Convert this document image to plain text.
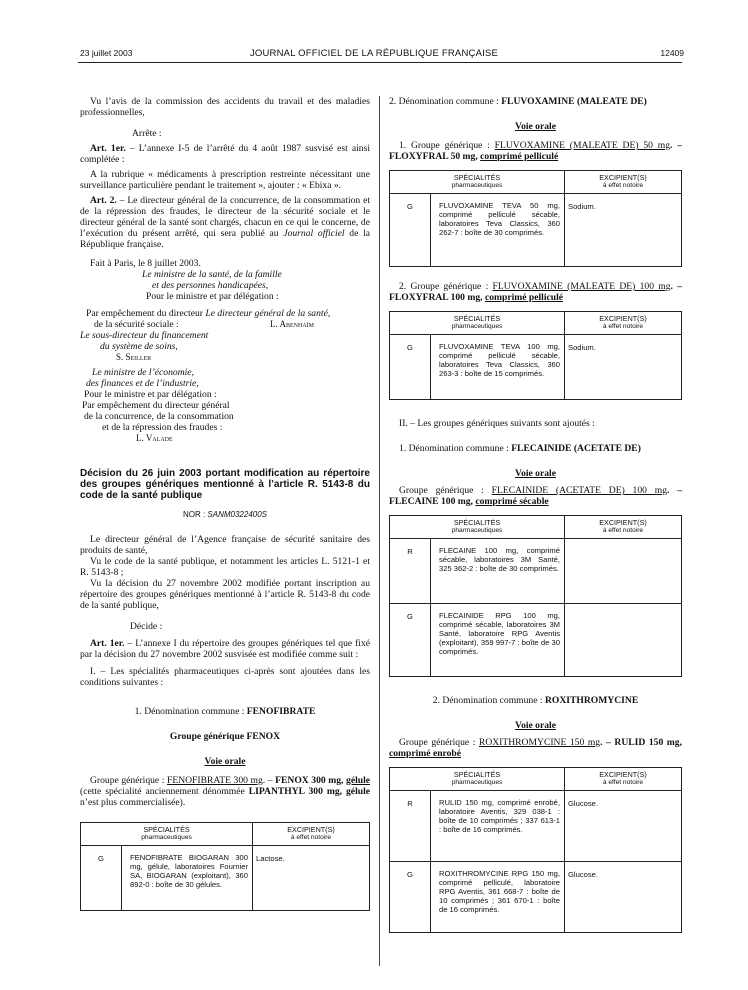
23 juillet 2003	JOURNAL OFFICIEL DE LA RÉPUBLIQUE FRANÇAISE	12409

Vu l’avis de la commission des accidents du travail et des maladies professionnelles,

Arrête :

Art. 1er. – L’annexe I-5 de l’arrêté du 4 août 1987 susvisé est ainsi complétée :

A la rubrique « médicaments à prescription restreinte nécessitant une surveillance particulière pendant le traitement », ajouter : « Ebixa ».

Art. 2. – Le directeur général de la concurrence, de la consommation et de la répression des fraudes, le directeur de la sécurité sociale et le directeur général de la santé sont chargés, chacun en ce qui le concerne, de l’exécution du présent arrêté, qui sera publié au Journal officiel de la République française.

Fait à Paris, le 8 juillet 2003.

Le ministre de la santé, de la famille

et des personnes handicapées,

Pour le ministre et par délégation :

Par empêchement du directeur Le directeur général de la santé,

de la sécurité sociale :	L. Abenhaïm

Le sous-directeur du financement

du système de soins,

S. Seiller

Le ministre de l’économie,

des finances et de l’industrie,

Pour le ministre et par délégation :

Par empêchement du directeur général

de la concurrence, de la consommation

et de la répression des fraudes :

L. Valade

Décision du 26 juin 2003 portant modification au répertoire des groupes génériques mentionné à l’article R. 5143-8 du code de la santé publique

NOR : SANM0322400S

Le directeur général de l’Agence française de sécurité sanitaire des produits de santé,

Vu le code de la santé publique, et notamment les articles L. 5121-1 et R. 5143-8 ;

Vu la décision du 27 novembre 2002 modifiée portant inscription au répertoire des groupes génériques mentionné à l’article R. 5143-8 du code de la santé publique,

Décide :

Art. 1er. – L’annexe I du répertoire des groupes génériques tel que fixé par la décision du 27 novembre 2002 susvisée est modifiée comme suit :

I. – Les spécialités pharmaceutiques ci-après sont ajoutées dans les conditions suivantes :

1. Dénomination commune : FENOFIBRATE

Groupe générique FENOX

Voie orale

Groupe générique : FENOFIBRATE 300 mg. – FENOX 300 mg, gélule (cette spécialité anciennement dénommée LIPANTHYL 300 mg, gélule n’est plus commercialisée).

SPÉCIALITÉS
pharmaceutiques		EXCIPIENT(S)
à effet notoire

G	FENOFIBRATE BIOGARAN 300 mg, gélule, laboratoires Fournier SA, BIOGARAN (exploitant), 360 892-0 : boîte de 30 gélules.	Lactose.

2. Dénomination commune : FLUVOXAMINE (MALEATE DE)

Voie orale

1. Groupe générique : FLUVOXAMINE (MALEATE DE) 50 mg. – FLOXYFRAL 50 mg, comprimé pelliculé

SPÉCIALITÉS
pharmaceutiques		EXCIPIENT(S)
à effet notoire

G	FLUVOXAMINE TEVA 50 mg, comprimé pelliculé sécable, laboratoires Teva Classics, 360 262-7 : boîte de 30 comprimés.	Sodium.

2. Groupe générique : FLUVOXAMINE (MALEATE DE) 100 mg. – FLOXYFRAL 100 mg, comprimé pelliculé

SPÉCIALITÉS
pharmaceutiques		EXCIPIENT(S)
à effet notoire

G	FLUVOXAMINE TEVA 100 mg, comprimé pelliculé sécable, laboratoires Teva Classics, 360 263-3 : boîte de 15 comprimés.	Sodium.

II. – Les groupes génériques suivants sont ajoutés :

1. Dénomination commune : FLECAINIDE (ACETATE DE)

Voie orale

Groupe générique : FLECAINIDE (ACETATE DE) 100 mg. – FLECAINE 100 mg, comprimé sécable

SPÉCIALITÉS
pharmaceutiques		EXCIPIENT(S)
à effet notoire

R	FLECAINE 100 mg, comprimé sécable, laboratoires 3M Santé, 325 362-2 : boîte de 30 comprimés.	
G	FLECAINIDE RPG 100 mg, comprimé sécable, laboratoires 3M Santé, laboratoire RPG Aventis (exploitant), 359 997-7 : boîte de 30 comprimés.	

2. Dénomination commune : ROXITHROMYCINE

Voie orale

Groupe générique : ROXITHROMYCINE 150 mg. – RULID 150 mg, comprimé enrobé

SPÉCIALITÉS
pharmaceutiques		EXCIPIENT(S)
à effet notoire

R	RULID 150 mg, comprimé enrobé, laboratoire Aventis, 329 038-1 : boîte de 10 comprimés ; 337 613-1 : boîte de 16 comprimés.	Glucose.
G	ROXITHROMYCINE RPG 150 mg, comprimé pelliculé, laboratoire RPG Aventis, 361 668-7 : boîte de 10 comprimés ; 361 670-1 : boîte de 16 comprimés.	Glucose.
